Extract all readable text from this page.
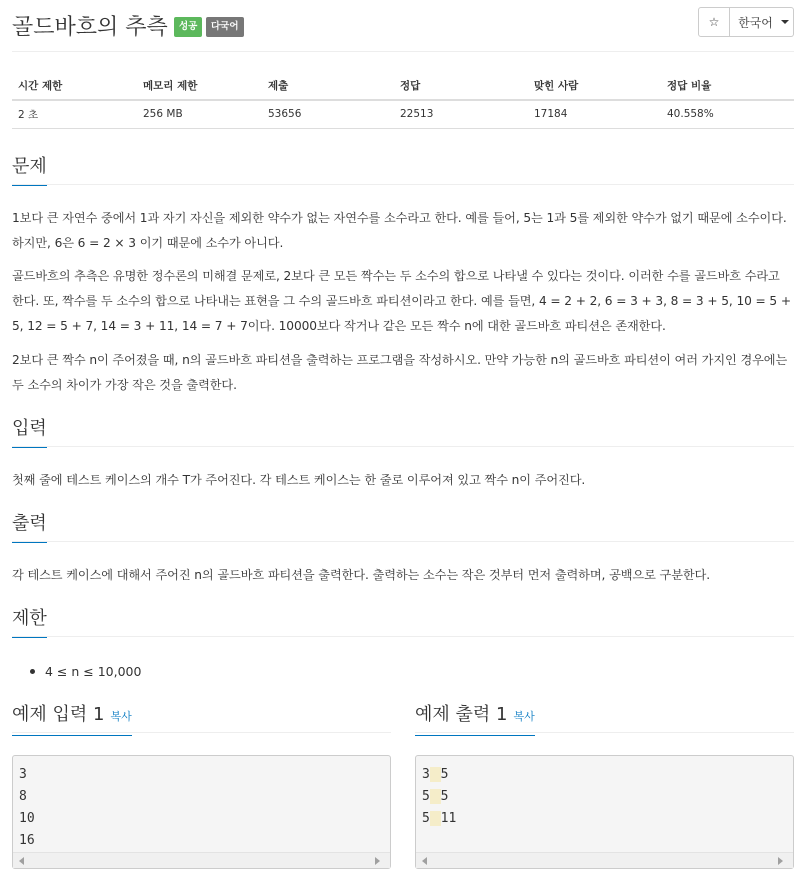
골드바흐의 추측	성공	다국어	☆ 한국어
시간 제한	메모리 제한	제출	정답	맞힌 사람	정답 비율
2 초	256 MB	53656	22513	17184	40.558%
문제
1보다 큰 자연수 중에서 1과 자기 자신을 제외한 약수가 없는 자연수를 소수라고 한다. 예를 들어, 5는 1과 5를 제외한 약수가 없기 때문에 소수이다. 하지만, 6은 6 = 2 × 3 이기 때문에 소수가 아니다.
골드바흐의 추측은 유명한 정수론의 미해결 문제로, 2보다 큰 모든 짝수는 두 소수의 합으로 나타낼 수 있다는 것이다. 이러한 수를 골드바흐 수라고 한다. 또, 짝수를 두 소수의 합으로 나타내는 표현을 그 수의 골드바흐 파티션이라고 한다. 예를 들면, 4 = 2 + 2, 6 = 3 + 3, 8 = 3 + 5, 10 = 5 + 5, 12 = 5 + 7, 14 = 3 + 11, 14 = 7 + 7이다. 10000보다 작거나 같은 모든 짝수 n에 대한 골드바흐 파티션은 존재한다.
2보다 큰 짝수 n이 주어졌을 때, n의 골드바흐 파티션을 출력하는 프로그램을 작성하시오. 만약 가능한 n의 골드바흐 파티션이 여러 가지인 경우에는 두 소수의 차이가 가장 작은 것을 출력한다.
입력
첫째 줄에 테스트 케이스의 개수 T가 주어진다. 각 테스트 케이스는 한 줄로 이루어져 있고 짝수 n이 주어진다.
출력
각 테스트 케이스에 대해서 주어진 n의 골드바흐 파티션을 출력한다. 출력하는 소수는 작은 것부터 먼저 출력하며, 공백으로 구분한다.
제한
4 ≤ n ≤ 10,000
예제 입력 1 복사
3
8
10
16
예제 출력 1 복사
3 5
5 5
5 11
